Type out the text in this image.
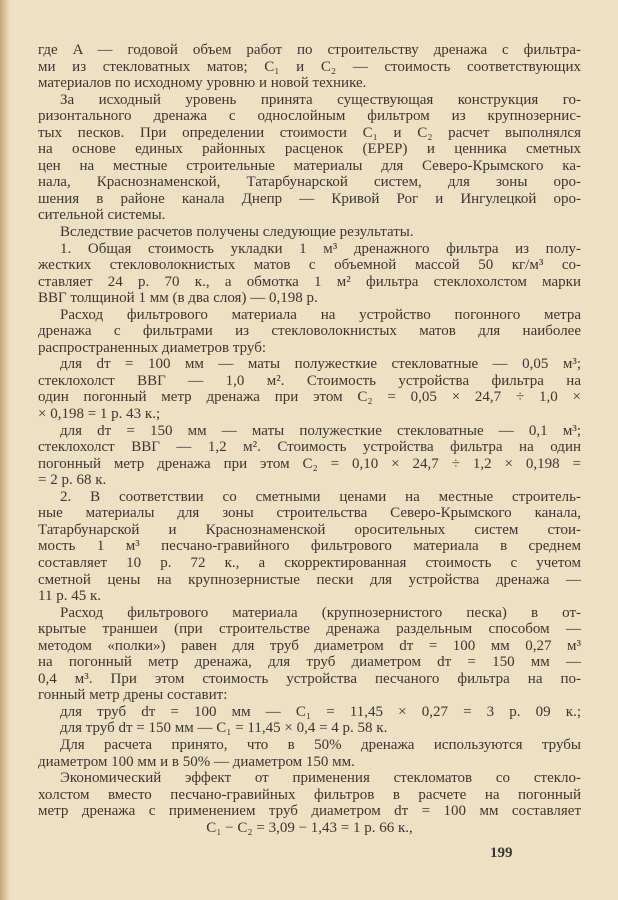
где A — годовой объем работ по строительству дренажа с фильтра-
ми из стекловатных матов; C₁ и C₂ — стоимость соответствующих
материалов по исходному уровню и новой технике.
За исходный уровень принята существующая конструкция го-
ризонтального дренажа с однослойным фильтром из крупнозернис-
тых песков. При определении стоимости C₁ и C₂ расчет выполнялся
на основе единых районных расценок (ЕРЕР) и ценника сметных
цен на местные строительные материалы для Северо-Крымского ка-
нала, Краснознаменской, Татарбунарской систем, для зоны оро-
шения в районе канала Днепр — Кривой Рог и Ингулецкой оро-
сительной системы.
Вследствие расчетов получены следующие результаты.
1. Общая стоимость укладки 1 м³ дренажного фильтра из полу-
жестких стекловолокнистых матов с объемной массой 50 кг/м³ со-
ставляет 24 р. 70 к., а обмотка 1 м² фильтра стеклохолстом марки
ВВГ толщиной 1 мм (в два слоя) — 0,198 р.
Расход фильтрового материала на устройство погонного метра
дренажа с фильтрами из стекловолокнистых матов для наиболее
распространенных диаметров труб:
для dт = 100 мм — маты полужесткие стекловатные — 0,05 м³;
стеклохолст ВВГ — 1,0 м². Стоимость устройства фильтра на
один погонный метр дренажа при этом C₂ = 0,05 × 24,7 ÷ 1,0 ×
× 0,198 = 1 р. 43 к.;
для dт = 150 мм — маты полужесткие стекловатные — 0,1 м³;
стеклохолст ВВГ — 1,2 м². Стоимость устройства фильтра на один
погонный метр дренажа при этом C₂ = 0,10 × 24,7 ÷ 1,2 × 0,198 =
= 2 р. 68 к.
2. В соответствии со сметными ценами на местные строитель-
ные материалы для зоны строительства Северо-Крымского канала,
Татарбунарской и Краснознаменской оросительных систем стои-
мость 1 м³ песчано-гравийного фильтрового материала в среднем
составляет 10 р. 72 к., а скорректированная стоимость с учетом
сметной цены на крупнозернистые пески для устройства дренажа —
11 р. 45 к.
Расход фильтрового материала (крупнозернистого песка) в от-
крытые траншеи (при строительстве дренажа раздельным способом —
методом «полки») равен для труб диаметром dт = 100 мм 0,27 м³
на погонный метр дренажа, для труб диаметром dт = 150 мм —
0,4 м³. При этом стоимость устройства песчаного фильтра на по-
гонный метр дрены составит:
для труб dт = 100 мм — C₁ = 11,45 × 0,27 = 3 р. 09 к.;
для труб dт = 150 мм — C₁ = 11,45 × 0,4 = 4 р. 58 к.
Для расчета принято, что в 50% дренажа используются трубы
диаметром 100 мм и в 50% — диаметром 150 мм.
Экономический эффект от применения стекломатов со стекло-
холстом вместо песчано-гравийных фильтров в расчете на погонный
метр дренажа с применением труб диаметром dт = 100 мм составляет
C₁ − C₂ = 3,09 − 1,43 = 1 р. 66 к.,
199
